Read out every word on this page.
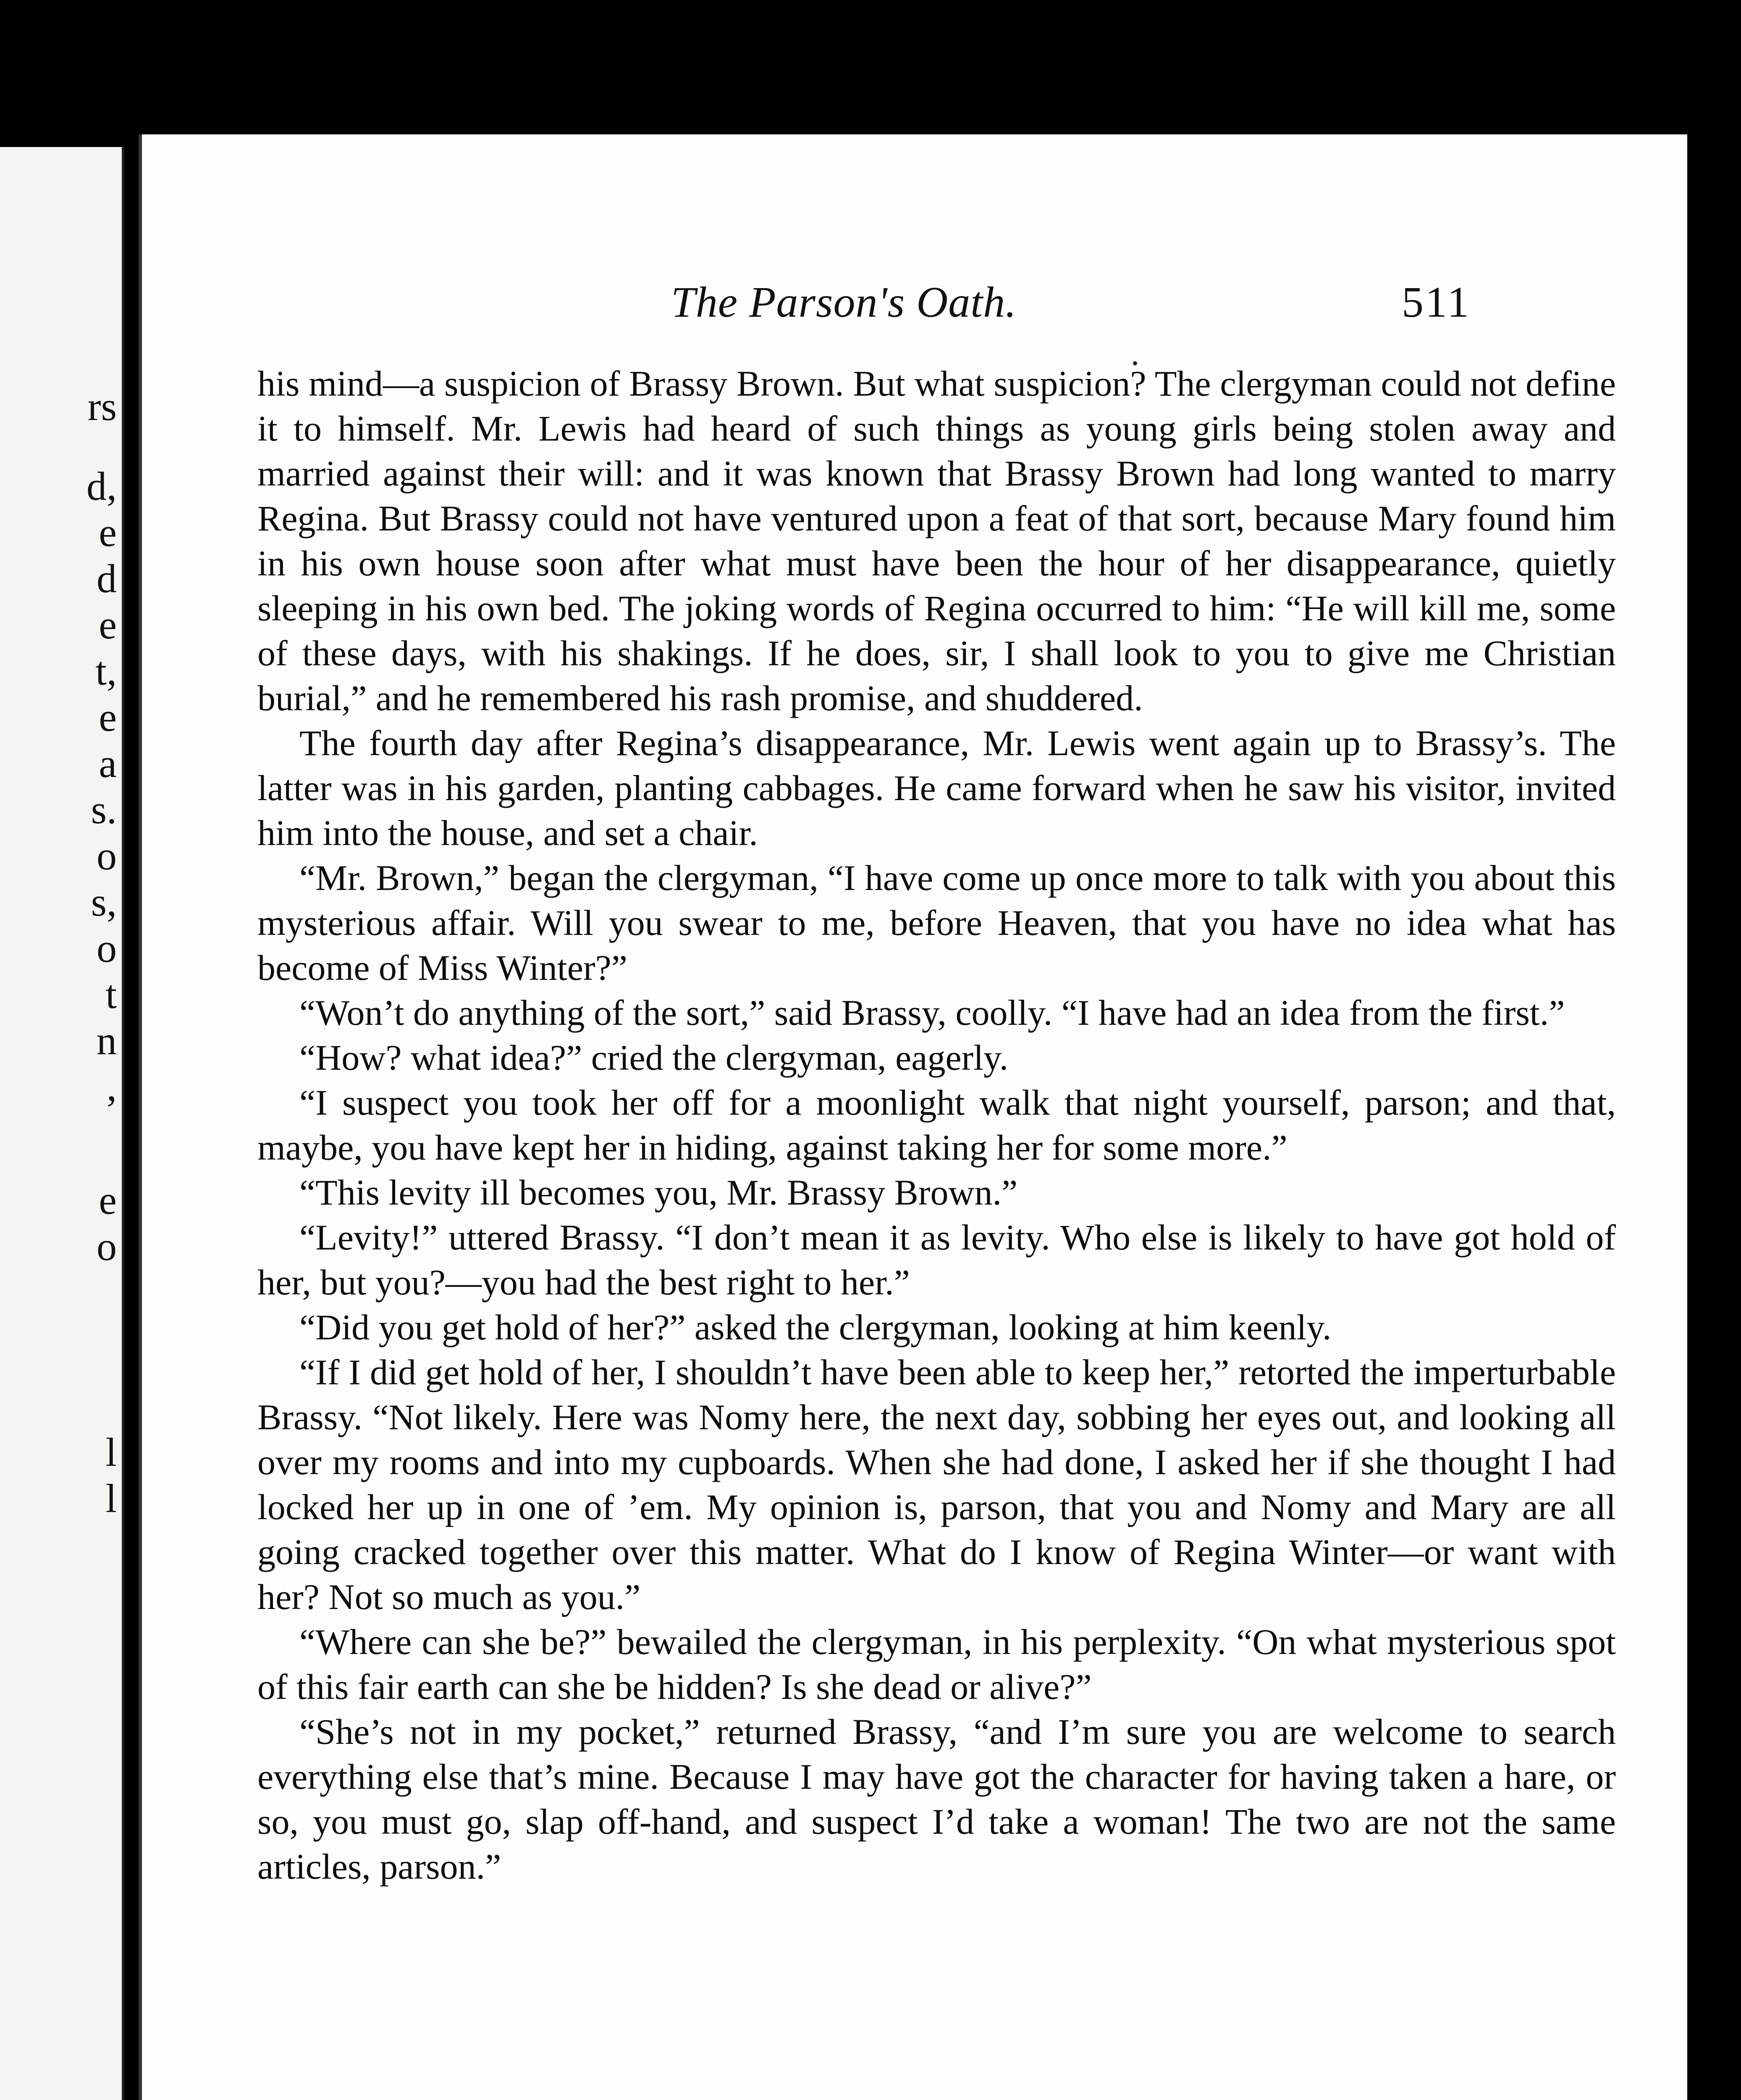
rs
d,
e
d
e
t,
e
a
s.
o
s,
o
t
n
,
e
o
l
l
The Parson's Oath.	511

his mind—a suspicion of Brassy Brown. But what suspicion? The clergyman could not define it to himself. Mr. Lewis had heard of such things as young girls being stolen away and married against their will: and it was known that Brassy Brown had long wanted to marry Regina. But Brassy could not have ventured upon a feat of that sort, because Mary found him in his own house soon after what must have been the hour of her disappearance, quietly sleeping in his own bed. The joking words of Regina occurred to him: “He will kill me, some of these days, with his shakings. If he does, sir, I shall look to you to give me Christian burial,” and he remembered his rash promise, and shuddered.

The fourth day after Regina’s disappearance, Mr. Lewis went again up to Brassy’s. The latter was in his garden, planting cabbages. He came forward when he saw his visitor, invited him into the house, and set a chair.

“Mr. Brown,” began the clergyman, “I have come up once more to talk with you about this mysterious affair. Will you swear to me, before Heaven, that you have no idea what has become of Miss Winter?”

“Won’t do anything of the sort,” said Brassy, coolly. “I have had an idea from the first.”

“How? what idea?” cried the clergyman, eagerly.

“I suspect you took her off for a moonlight walk that night yourself, parson; and that, maybe, you have kept her in hiding, against taking her for some more.”

“This levity ill becomes you, Mr. Brassy Brown.”

“Levity!” uttered Brassy. “I don’t mean it as levity. Who else is likely to have got hold of her, but you?—you had the best right to her.”

“Did you get hold of her?” asked the clergyman, looking at him keenly.

“If I did get hold of her, I shouldn’t have been able to keep her,” retorted the imperturbable Brassy. “Not likely. Here was Nomy here, the next day, sobbing her eyes out, and looking all over my rooms and into my cupboards. When she had done, I asked her if she thought I had locked her up in one of ’em. My opinion is, parson, that you and Nomy and Mary are all going cracked together over this matter. What do I know of Regina Winter—or want with her? Not so much as you.”

“Where can she be?” bewailed the clergyman, in his perplexity. “On what mysterious spot of this fair earth can she be hidden? Is she dead or alive?”

“She’s not in my pocket,” returned Brassy, “and I’m sure you are welcome to search everything else that’s mine. Because I may have got the character for having taken a hare, or so, you must go, slap off-hand, and suspect I’d take a woman! The two are not the same articles, parson.”
